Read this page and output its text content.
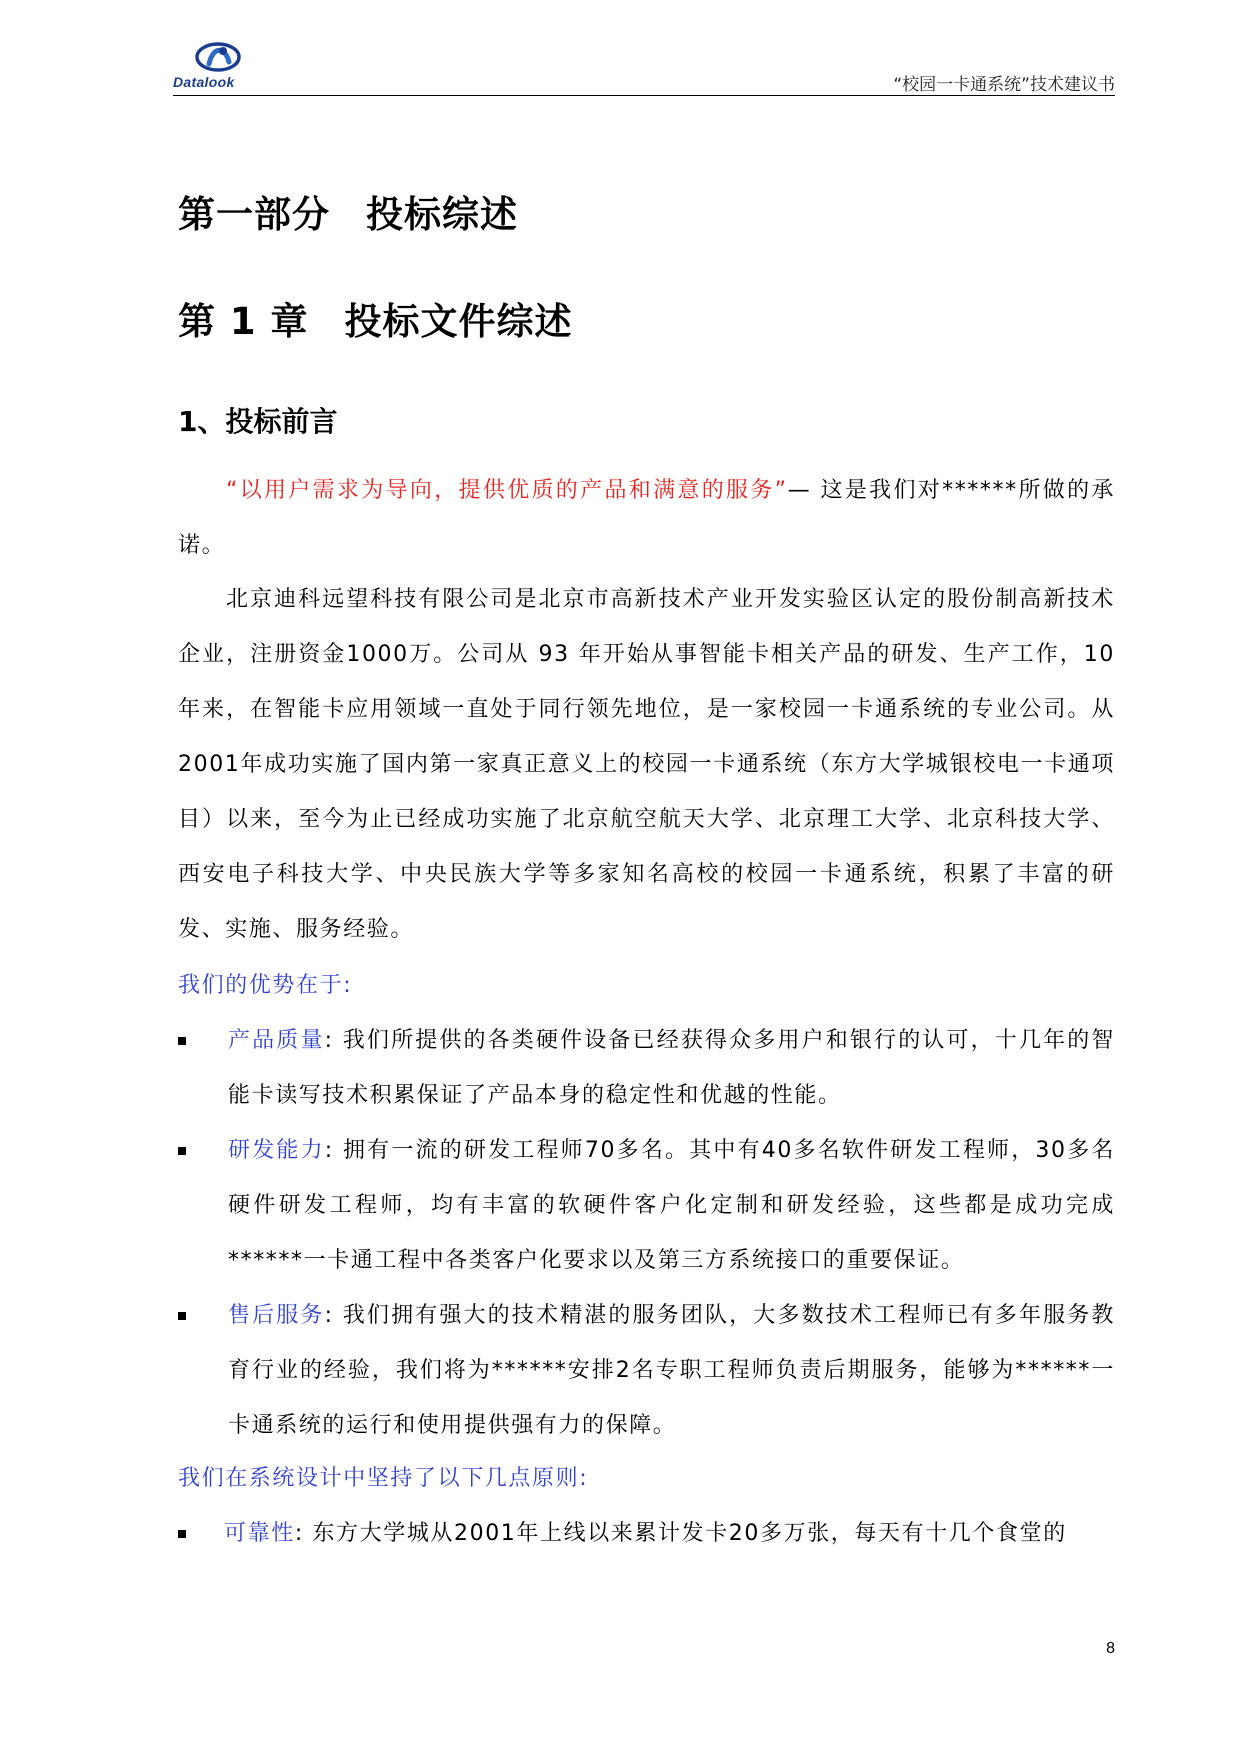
Datalook	“校园一卡通系统”技术建议书
第一部分 投标综述
第 1 章 投标文件综述
1、投标前言
“以用户需求为导向，提供优质的产品和满意的服务”— 这是我们对******所做的承诺。
北京迪科远望科技有限公司是北京市高新技术产业开发实验区认定的股份制高新技术企业，注册资金1000万。公司从 93 年开始从事智能卡相关产品的研发、生产工作，10年来，在智能卡应用领域一直处于同行领先地位，是一家校园一卡通系统的专业公司。从2001年成功实施了国内第一家真正意义上的校园一卡通系统（东方大学城银校电一卡通项目）以来，至今为止已经成功实施了北京航空航天大学、北京理工大学、北京科技大学、西安电子科技大学、中央民族大学等多家知名高校的校园一卡通系统，积累了丰富的研发、实施、服务经验。
我们的优势在于:
产品质量: 我们所提供的各类硬件设备已经获得众多用户和银行的认可，十几年的智能卡读写技术积累保证了产品本身的稳定性和优越的性能。
研发能力: 拥有一流的研发工程师70多名。其中有40多名软件研发工程师，30多名硬件研发工程师，均有丰富的软硬件客户化定制和研发经验，这些都是成功完成******一卡通工程中各类客户化要求以及第三方系统接口的重要保证。
售后服务: 我们拥有强大的技术精湛的服务团队，大多数技术工程师已有多年服务教育行业的经验，我们将为******安排2名专职工程师负责后期服务，能够为******一卡通系统的运行和使用提供强有力的保障。
我们在系统设计中坚持了以下几点原则:
可靠性: 东方大学城从2001年上线以来累计发卡20多万张，每天有十几个食堂的
8
